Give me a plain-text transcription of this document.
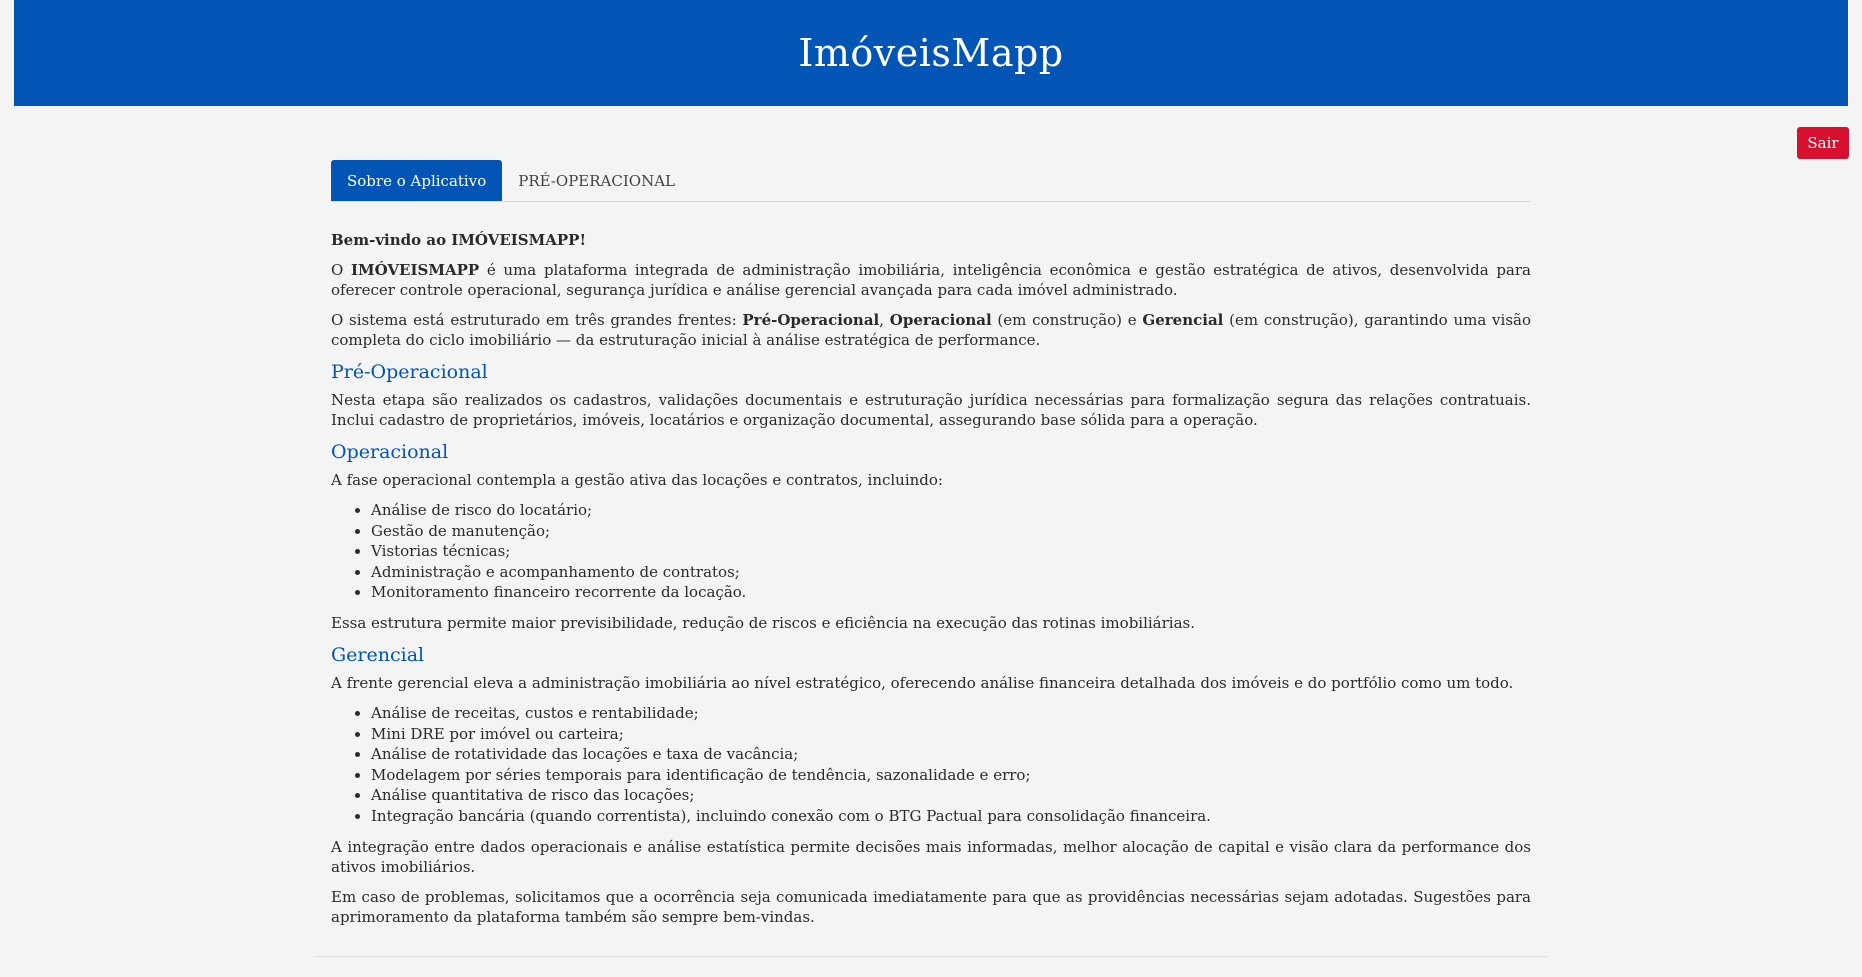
ImóveisMapp
Sair
Sobre o Aplicativo	PRÉ-OPERACIONAL

Bem-vindo ao IMÓVEISMAPP!

O IMÓVEISMAPP é uma plataforma integrada de administração imobiliária, inteligência econômica e gestão estratégica de ativos, desenvolvida para oferecer controle operacional, segurança jurídica e análise gerencial avançada para cada imóvel administrado.

O sistema está estruturado em três grandes frentes: Pré-Operacional, Operacional (em construção) e Gerencial (em construção), garantindo uma visão completa do ciclo imobiliário — da estruturação inicial à análise estratégica de performance.

Pré-Operacional

Nesta etapa são realizados os cadastros, validações documentais e estruturação jurídica necessárias para formalização segura das relações contratuais. Inclui cadastro de proprietários, imóveis, locatários e organização documental, assegurando base sólida para a operação.

Operacional

A fase operacional contempla a gestão ativa das locações e contratos, incluindo:

• Análise de risco do locatário;
• Gestão de manutenção;
• Vistorias técnicas;
• Administração e acompanhamento de contratos;
• Monitoramento financeiro recorrente da locação.

Essa estrutura permite maior previsibilidade, redução de riscos e eficiência na execução das rotinas imobiliárias.

Gerencial

A frente gerencial eleva a administração imobiliária ao nível estratégico, oferecendo análise financeira detalhada dos imóveis e do portfólio como um todo.

• Análise de receitas, custos e rentabilidade;
• Mini DRE por imóvel ou carteira;
• Análise de rotatividade das locações e taxa de vacância;
• Modelagem por séries temporais para identificação de tendência, sazonalidade e erro;
• Análise quantitativa de risco das locações;
• Integração bancária (quando correntista), incluindo conexão com o BTG Pactual para consolidação financeira.

A integração entre dados operacionais e análise estatística permite decisões mais informadas, melhor alocação de capital e visão clara da performance dos ativos imobiliários.

Em caso de problemas, solicitamos que a ocorrência seja comunicada imediatamente para que as providências necessárias sejam adotadas. Sugestões para aprimoramento da plataforma também são sempre bem-vindas.
